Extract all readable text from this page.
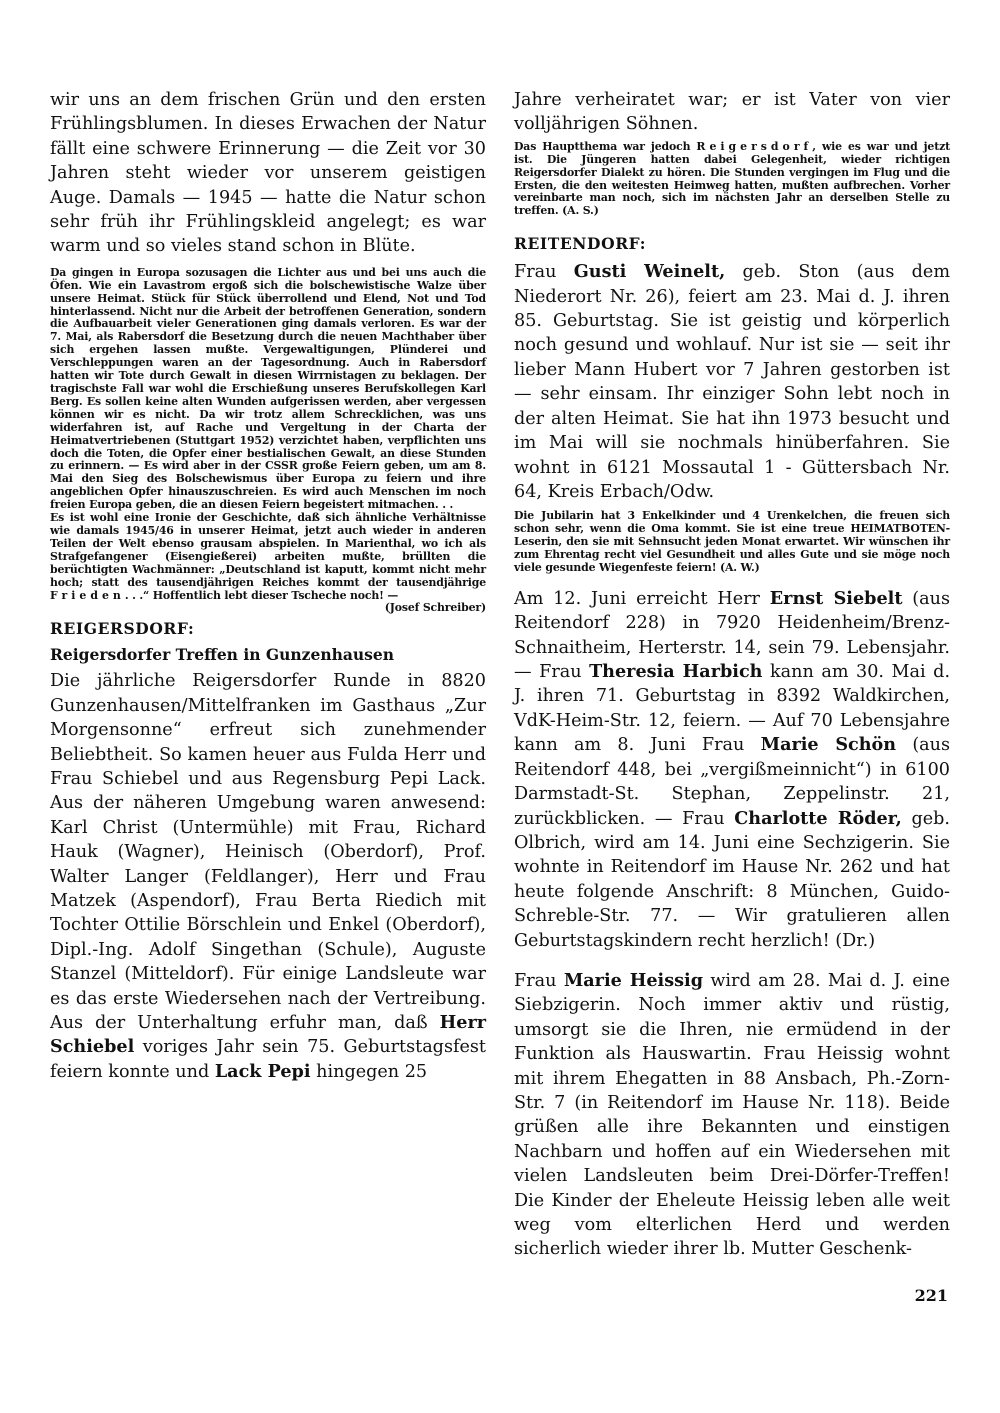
wir uns an dem frischen Grün und den ersten Frühlingsblumen. In dieses Erwachen der Natur fällt eine schwere Erinnerung — die Zeit vor 30 Jahren steht wieder vor unserem geistigen Auge. Damals — 1945 — hatte die Natur schon sehr früh ihr Frühlingskleid angelegt; es war warm und so vieles stand schon in Blüte.

Da gingen in Europa sozusagen die Lichter aus und bei uns auch die Öfen. Wie ein Lavastrom ergoß sich die bolschewistische Walze über unsere Heimat. Stück für Stück überrollend und Elend, Not und Tod hinterlassend. Nicht nur die Arbeit der betroffenen Generation, sondern die Aufbauarbeit vieler Generationen ging damals verloren. Es war der 7. Mai, als Rabersdorf die Besetzung durch die neuen Machthaber über sich ergehen lassen mußte. Vergewaltigungen, Plünderei und Verschleppungen waren an der Tagesordnung. Auch in Rabersdorf hatten wir Tote durch Gewalt in diesen Wirrnistagen zu beklagen. Der tragischste Fall war wohl die Erschießung unseres Berufskollegen Karl Berg. Es sollen keine alten Wunden aufgerissen werden, aber vergessen können wir es nicht. Da wir trotz allem Schrecklichen, was uns widerfahren ist, auf Rache und Vergeltung in der Charta der Heimatvertriebenen (Stuttgart 1952) verzichtet haben, verpflichten uns doch die Toten, die Opfer einer bestialischen Gewalt, an diese Stunden zu erinnern. — Es wird aber in der CSSR große Feiern geben, um am 8. Mai den Sieg des Bolschewismus über Europa zu feiern und ihre angeblichen Opfer hinauszuschreien. Es wird auch Menschen im noch freien Europa geben, die an diesen Feiern begeistert mitmachen. . .

Es ist wohl eine Ironie der Geschichte, daß sich ähnliche Verhältnisse wie damals 1945/46 in unserer Heimat, jetzt auch wieder in anderen Teilen der Welt ebenso grausam abspielen. In Marienthal, wo ich als Strafgefangener (Eisengießerei) arbeiten mußte, brüllten die berüchtigten Wachmänner: „Deutschland ist kaputt, kommt nicht mehr hoch; statt des tausendjährigen Reiches kommt der tausendjährige Frieden. . .“ Hoffentlich lebt dieser Tscheche noch! —

(Josef Schreiber)

REIGERSDORF:
Reigersdorfer Treffen in Gunzenhausen

Die jährliche Reigersdorfer Runde in 8820 Gunzenhausen/Mittelfranken im Gasthaus „Zur Morgensonne“ erfreut sich zunehmender Beliebtheit. So kamen heuer aus Fulda Herr und Frau Schiebel und aus Regensburg Pepi Lack. Aus der näheren Umgebung waren anwesend: Karl Christ (Untermühle) mit Frau, Richard Hauk (Wagner), Heinisch (Oberdorf), Prof. Walter Langer (Feldlanger), Herr und Frau Matzek (Aspendorf), Frau Berta Riedich mit Tochter Ottilie Börschlein und Enkel (Oberdorf), Dipl.-Ing. Adolf Singethan (Schule), Auguste Stanzel (Mitteldorf). Für einige Landsleute war es das erste Wiedersehen nach der Vertreibung. Aus der Unterhaltung erfuhr man, daß Herr Schiebel voriges Jahr sein 75. Geburtstagsfest feiern konnte und Lack Pepi hingegen 25

Jahre verheiratet war; er ist Vater von vier volljährigen Söhnen.

Das Hauptthema war jedoch Reigersdorf, wie es war und jetzt ist. Die Jüngeren hatten dabei Gelegenheit, wieder richtigen Reigersdorfer Dialekt zu hören. Die Stunden vergingen im Flug und die Ersten, die den weitesten Heimweg hatten, mußten aufbrechen. Vorher vereinbarte man noch, sich im nächsten Jahr an derselben Stelle zu treffen. (A. S.)

REITENDORF:

Frau Gusti Weinelt, geb. Ston (aus dem Niederort Nr. 26), feiert am 23. Mai d. J. ihren 85. Geburtstag. Sie ist geistig und körperlich noch gesund und wohlauf. Nur ist sie — seit ihr lieber Mann Hubert vor 7 Jahren gestorben ist — sehr einsam. Ihr einziger Sohn lebt noch in der alten Heimat. Sie hat ihn 1973 besucht und im Mai will sie nochmals hinüberfahren. Sie wohnt in 6121 Mossautal 1 - Güttersbach Nr. 64, Kreis Erbach/Odw.

Die Jubilarin hat 3 Enkelkinder und 4 Urenkelchen, die freuen sich schon sehr, wenn die Oma kommt. Sie ist eine treue HEIMATBOTEN-Leserin, den sie mit Sehnsucht jeden Monat erwartet. Wir wünschen ihr zum Ehrentag recht viel Gesundheit und alles Gute und sie möge noch viele gesunde Wiegenfeste feiern! (A. W.)

Am 12. Juni erreicht Herr Ernst Siebelt (aus Reitendorf 228) in 7920 Heidenheim/Brenz-Schnaitheim, Herterstr. 14, sein 79. Lebensjahr. — Frau Theresia Harbich kann am 30. Mai d. J. ihren 71. Geburtstag in 8392 Waldkirchen, VdK-Heim-Str. 12, feiern. — Auf 70 Lebensjahre kann am 8. Juni Frau Marie Schön (aus Reitendorf 448, bei „vergißmeinnicht“) in 6100 Darmstadt-St. Stephan, Zeppelinstr. 21, zurückblicken. — Frau Charlotte Röder, geb. Olbrich, wird am 14. Juni eine Sechzigerin. Sie wohnte in Reitendorf im Hause Nr. 262 und hat heute folgende Anschrift: 8 München, Guido-Schreble-Str. 77. — Wir gratulieren allen Geburtstagskindern recht herzlich! (Dr.)

Frau Marie Heissig wird am 28. Mai d. J. eine Siebzigerin. Noch immer aktiv und rüstig, umsorgt sie die Ihren, nie ermüdend in der Funktion als Hauswartin. Frau Heissig wohnt mit ihrem Ehegatten in 88 Ansbach, Ph.-Zorn-Str. 7 (in Reitendorf im Hause Nr. 118). Beide grüßen alle ihre Bekannten und einstigen Nachbarn und hoffen auf ein Wiedersehen mit vielen Landsleuten beim Drei-Dörfer-Treffen! Die Kinder der Eheleute Heissig leben alle weit weg vom elterlichen Herd und werden sicherlich wieder ihrer lb. Mutter Geschenk-

221
